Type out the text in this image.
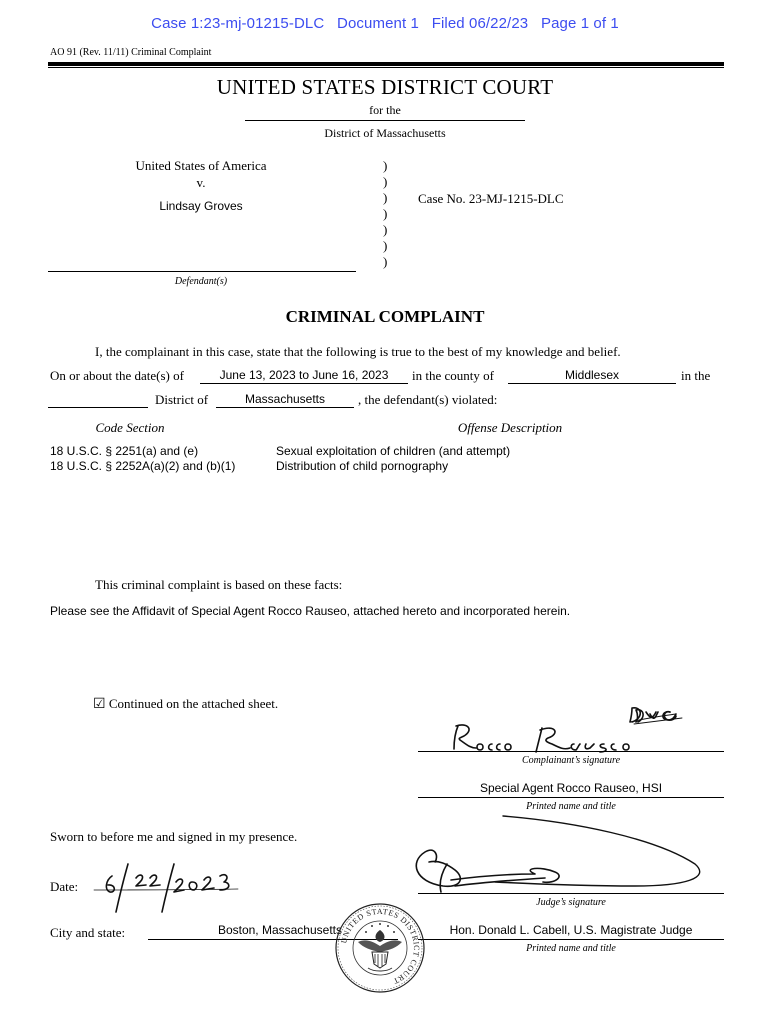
Case 1:23-mj-01215-DLC   Document 1   Filed 06/22/23   Page 1 of 1
AO 91 (Rev. 11/11) Criminal Complaint
UNITED STATES DISTRICT COURT
for the
District of Massachusetts
United States of America
v.
Lindsay Groves
Defendant(s)
)
)
)
)
)
)
)
Case No. 23-MJ-1215-DLC
CRIMINAL COMPLAINT
I, the complainant in this case, state that the following is true to the best of my knowledge and belief.
On or about the date(s) of	June 13, 2023 to June 16, 2023	in the county of	Middlesex	in the
District of	Massachusetts	, the defendant(s) violated:
Code Section	Offense Description
18 U.S.C. § 2251(a) and (e)	Sexual exploitation of children (and attempt)
18 U.S.C. § 2252A(a)(2) and (b)(1)	Distribution of child pornography
This criminal complaint is based on these facts:
Please see the Affidavit of Special Agent Rocco Rauseo, attached hereto and incorporated herein.
☑ Continued on the attached sheet.
Complainant’s signature
Special Agent Rocco Rauseo, HSI
Printed name and title
Sworn to before me and signed in my presence.
Date:
Judge’s signature
City and state:	Boston, Massachusetts	Hon. Donald L. Cabell, U.S. Magistrate Judge
Printed name and title
UNITED STATES DISTRICT COURT
